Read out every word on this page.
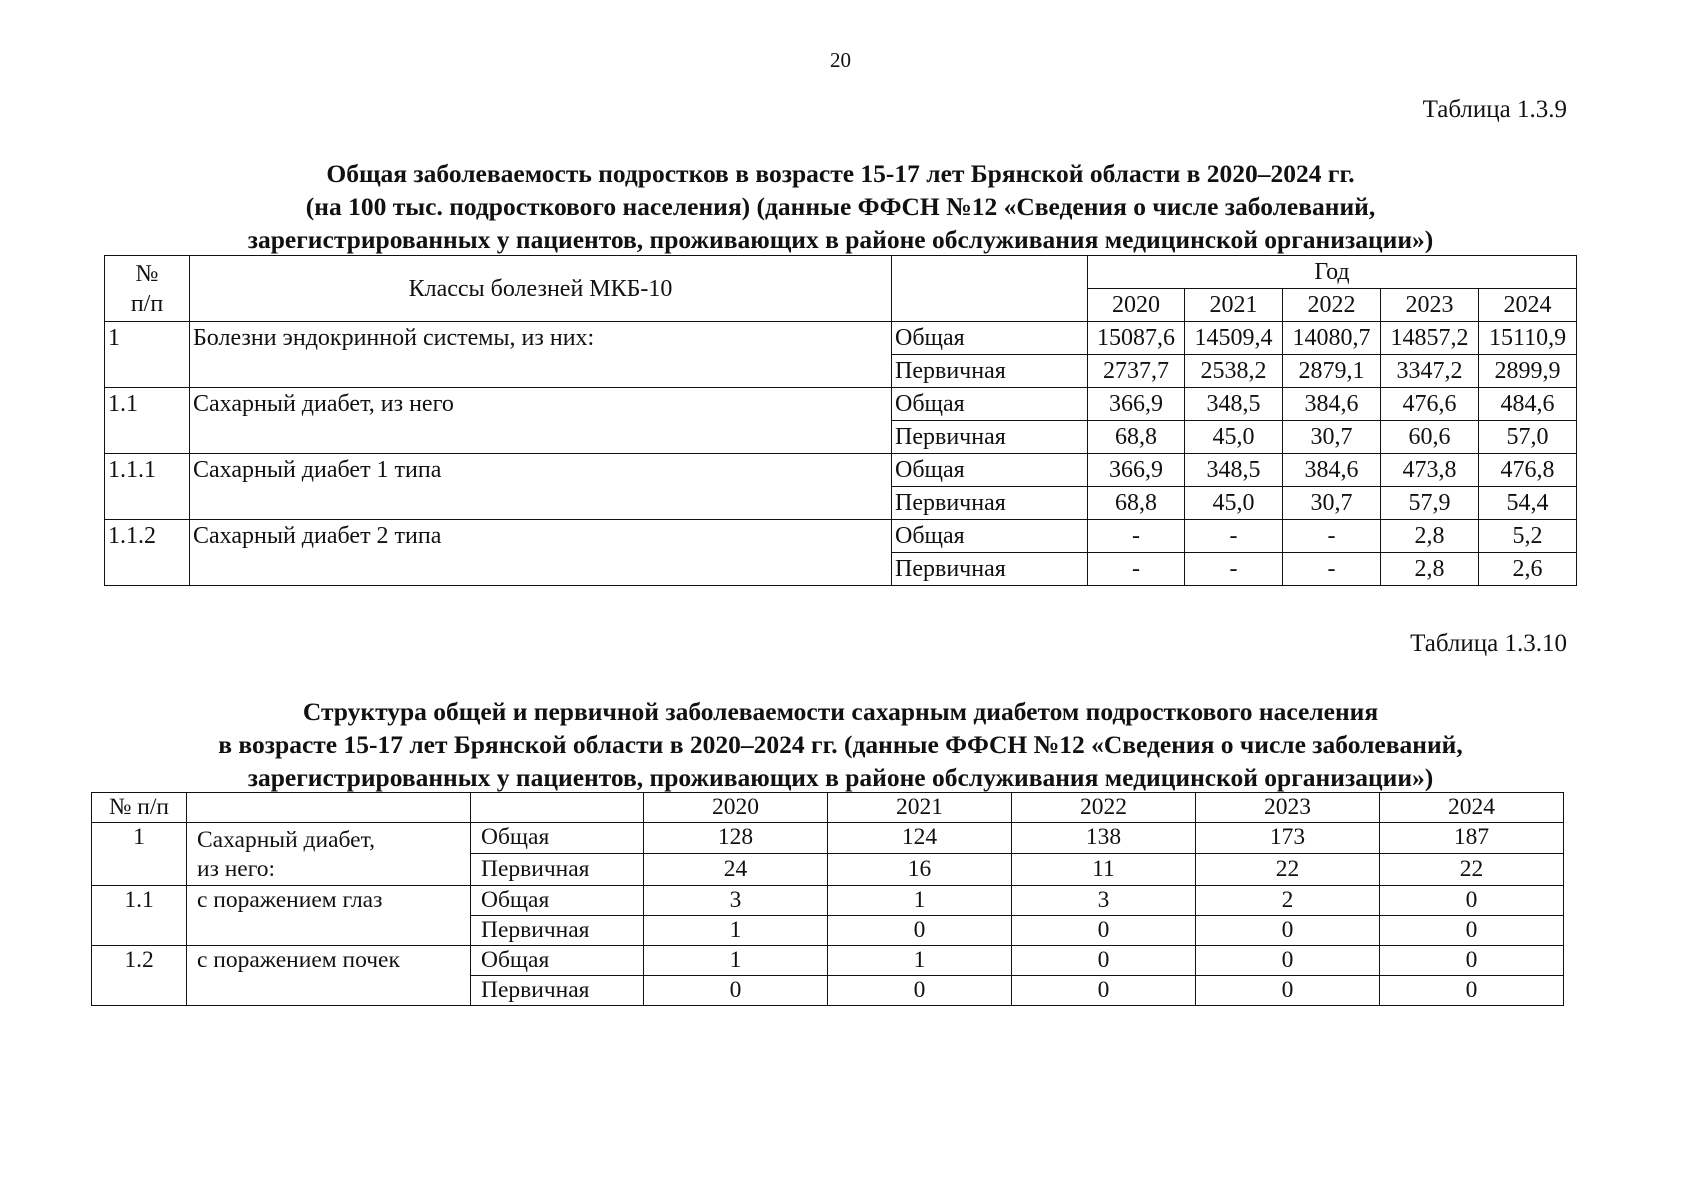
20
Таблица 1.3.9
Общая заболеваемость подростков в возрасте 15-17 лет Брянской области в 2020–2024 гг.
(на 100 тыс. подросткового населения) (данные ФФСН №12 «Сведения о числе заболеваний,
зарегистрированных у пациентов, проживающих в районе обслуживания медицинской организации»)
№
п/п	Классы болезней МКБ-10		Год				
			2020	2021	2022	2023	2024
1	Болезни эндокринной системы, из них:	Общая	15087,6	14509,4	14080,7	14857,2	15110,9
		Первичная	2737,7	2538,2	2879,1	3347,2	2899,9
1.1	Сахарный диабет, из него	Общая	366,9	348,5	384,6	476,6	484,6
		Первичная	68,8	45,0	30,7	60,6	57,0
1.1.1	Сахарный диабет 1 типа	Общая	366,9	348,5	384,6	473,8	476,8
		Первичная	68,8	45,0	30,7	57,9	54,4
1.1.2	Сахарный диабет 2 типа	Общая	-	-	-	2,8	5,2
		Первичная	-	-	-	2,8	2,6
Таблица 1.3.10
Структура общей и первичной заболеваемости сахарным диабетом подросткового населения
в возрасте 15-17 лет Брянской области в 2020–2024 гг. (данные ФФСН №12 «Сведения о числе заболеваний,
зарегистрированных у пациентов, проживающих в районе обслуживания медицинской организации»)
№ п/п			2020	2021	2022	2023	2024
1	Сахарный диабет,
из него:	Общая	128	124	138	173	187
		Первичная	24	16	11	22	22
1.1	с поражением глаз	Общая	3	1	3	2	0
		Первичная	1	0	0	0	0
1.2	с поражением почек	Общая	1	1	0	0	0
		Первичная	0	0	0	0	0
